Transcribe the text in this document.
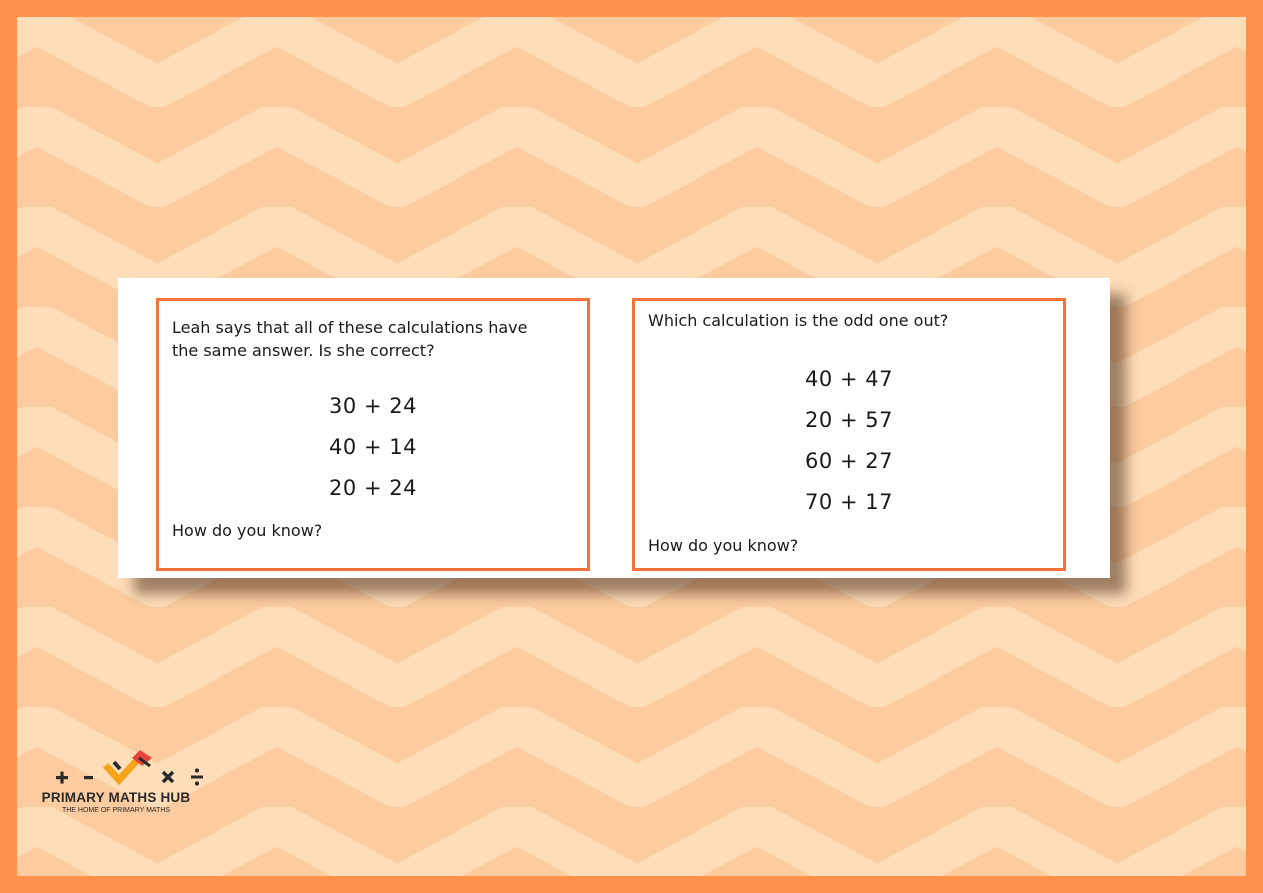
Leah says that all of these calculations have
the same answer. Is she correct?
30 + 24
40 + 14
20 + 24
How do you know?
Which calculation is the odd one out?
40 + 47
20 + 57
60 + 27
70 + 17
How do you know?
PRIMARY MATHS HUB
THE HOME OF PRIMARY MATHS
